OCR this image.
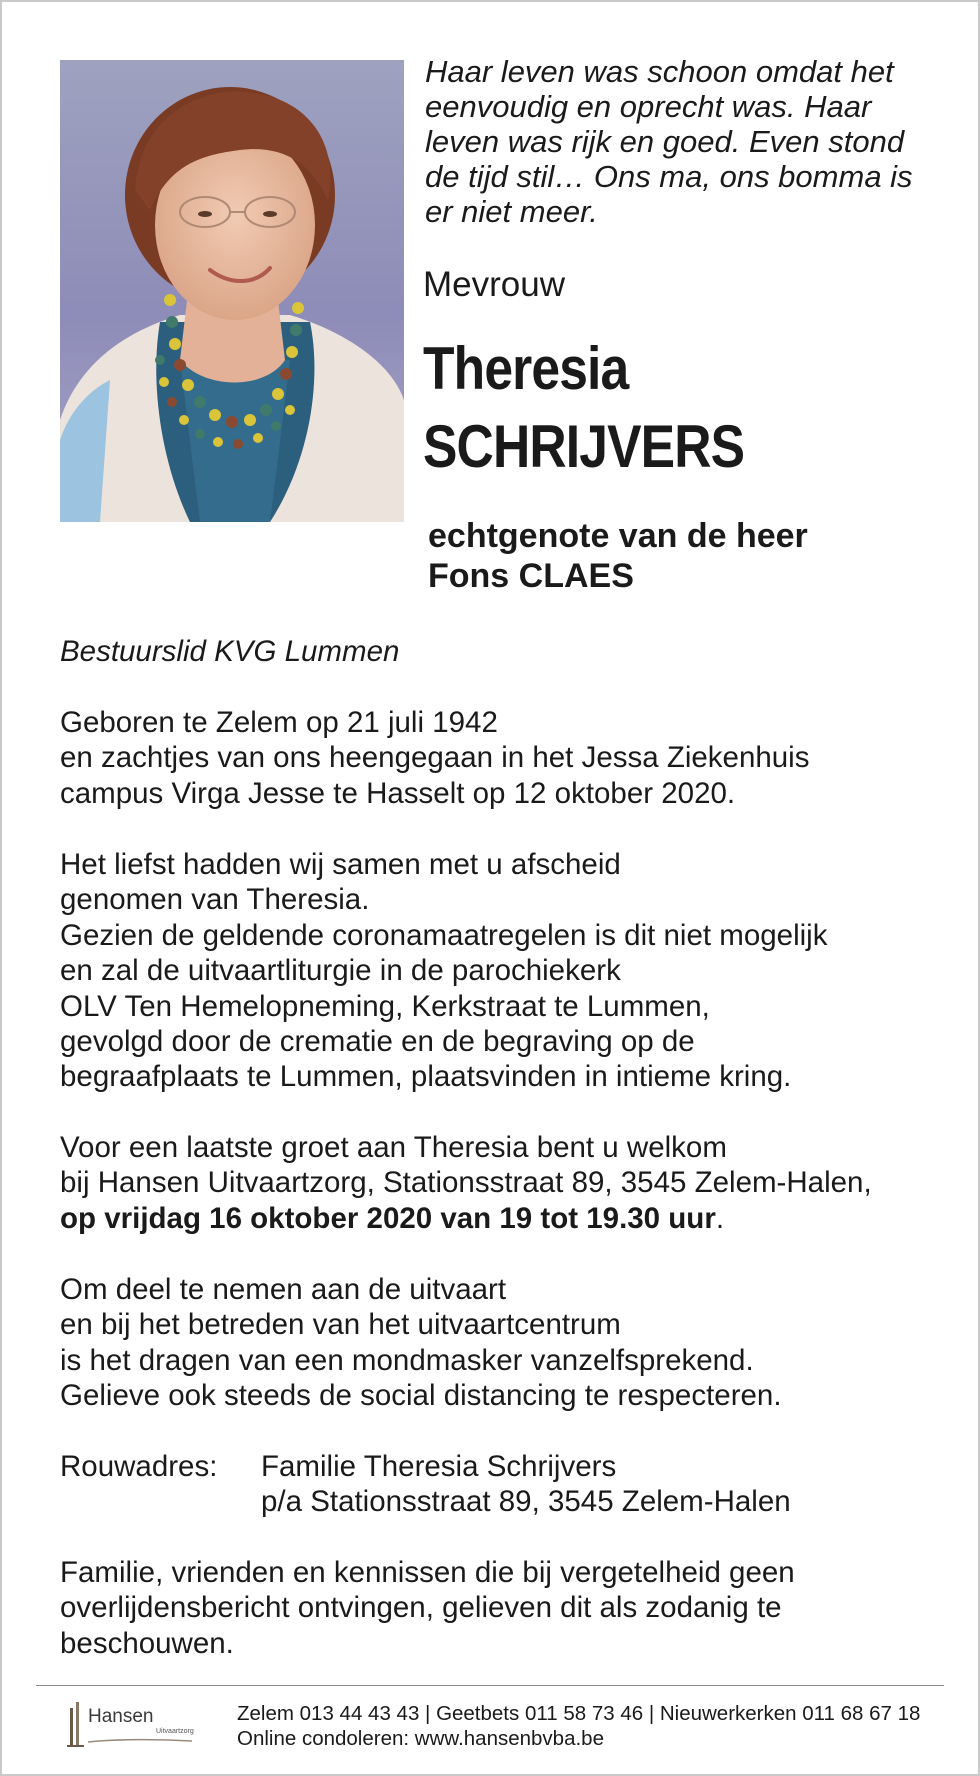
Haar leven was schoon omdat het
eenvoudig en oprecht was. Haar
leven was rijk en goed. Even stond
de tijd stil… Ons ma, ons bomma is
er niet meer.
Mevrouw
Theresia
SCHRIJVERS
echtgenote van de heer
Fons CLAES
Bestuurslid KVG Lummen
Geboren te Zelem op 21 juli 1942
en zachtjes van ons heengegaan in het Jessa Ziekenhuis
campus Virga Jesse te Hasselt op 12 oktober 2020.
Het liefst hadden wij samen met u afscheid
genomen van Theresia.
Gezien de geldende coronamaatregelen is dit niet mogelijk
en zal de uitvaartliturgie in de parochiekerk
OLV Ten Hemelopneming, Kerkstraat te Lummen,
gevolgd door de crematie en de begraving op de
begraafplaats te Lummen, plaatsvinden in intieme kring.
Voor een laatste groet aan Theresia bent u welkom
bij Hansen Uitvaartzorg, Stationsstraat 89, 3545 Zelem-Halen,
op vrijdag 16 oktober 2020 van 19 tot 19.30 uur.
Om deel te nemen aan de uitvaart
en bij het betreden van het uitvaartcentrum
is het dragen van een mondmasker vanzelfsprekend.
Gelieve ook steeds de social distancing te respecteren.
Rouwadres:	Familie Theresia Schrijvers
p/a Stationsstraat 89, 3545 Zelem-Halen
Familie, vrienden en kennissen die bij vergetelheid geen
overlijdensbericht ontvingen, gelieven dit als zodanig te
beschouwen.
Hansen
Uitvaartzorg
Zelem 013 44 43 43 | Geetbets 011 58 73 46 | Nieuwerkerken 011 68 67 18
Online condoleren: www.hansenbvba.be
